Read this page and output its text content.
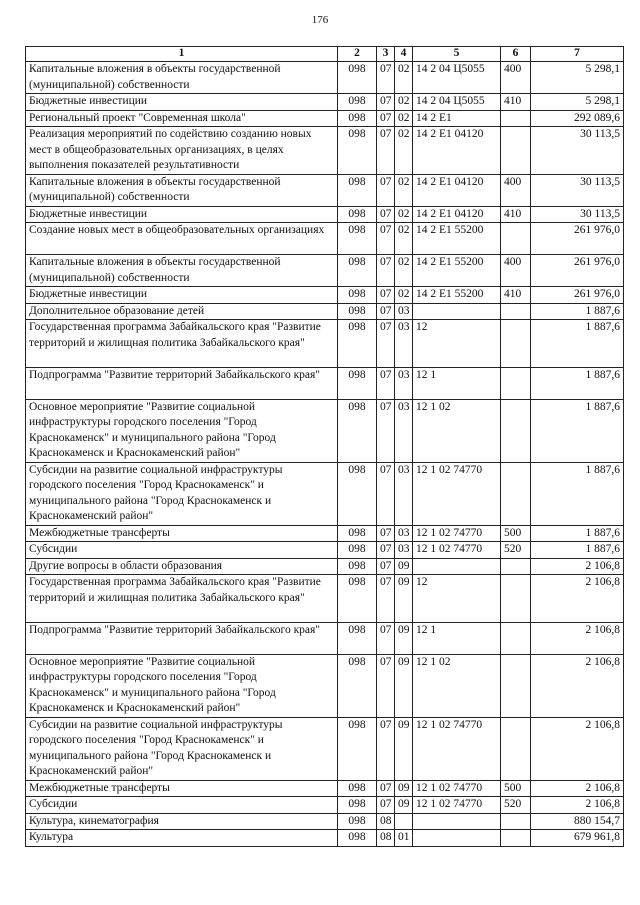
176
1	2	3	4	5	6	7
Капитальные вложения в объекты государственной (муниципальной) собственности	098	07	02	14 2 04 Ц5055	400	5 298,1
Бюджетные инвестиции	098	07	02	14 2 04 Ц5055	410	5 298,1
Региональный проект "Современная школа"	098	07	02	14 2 E1		292 089,6
Реализация мероприятий по содействию созданию новых мест в общеобразовательных организациях, в целях выполнения показателей результативности	098	07	02	14 2 E1 04120		30 113,5
Капитальные вложения в объекты государственной (муниципальной) собственности	098	07	02	14 2 E1 04120	400	30 113,5
Бюджетные инвестиции	098	07	02	14 2 E1 04120	410	30 113,5
Создание новых мест в общеобразовательных организациях	098	07	02	14 2 E1 55200		261 976,0
Капитальные вложения в объекты государственной (муниципальной) собственности	098	07	02	14 2 E1 55200	400	261 976,0
Бюджетные инвестиции	098	07	02	14 2 E1 55200	410	261 976,0
Дополнительное образование детей	098	07	03			1 887,6
Государственная программа Забайкальского края "Развитие территорий и жилищная политика Забайкальского края"	098	07	03	12		1 887,6
Подпрограмма "Развитие территорий Забайкальского края"	098	07	03	12 1		1 887,6
Основное мероприятие "Развитие социальной инфраструктуры городского поселения "Город Краснокаменск" и муниципального района "Город Краснокаменск и Краснокаменский район"	098	07	03	12 1 02		1 887,6
Субсидии на развитие социальной инфраструктуры городского поселения "Город Краснокаменск" и муниципального района "Город Краснокаменск и Краснокаменский район"	098	07	03	12 1 02 74770		1 887,6
Межбюджетные трансферты	098	07	03	12 1 02 74770	500	1 887,6
Субсидии	098	07	03	12 1 02 74770	520	1 887,6
Другие вопросы в области образования	098	07	09			2 106,8
Государственная программа Забайкальского края "Развитие территорий и жилищная политика Забайкальского края"	098	07	09	12		2 106,8
Подпрограмма "Развитие территорий Забайкальского края"	098	07	09	12 1		2 106,8
Основное мероприятие "Развитие социальной инфраструктуры городского поселения "Город Краснокаменск" и муниципального района "Город Краснокаменск и Краснокаменский район"	098	07	09	12 1 02		2 106,8
Субсидии на развитие социальной инфраструктуры городского поселения "Город Краснокаменск" и муниципального района "Город Краснокаменск и Краснокаменский район"	098	07	09	12 1 02 74770		2 106,8
Межбюджетные трансферты	098	07	09	12 1 02 74770	500	2 106,8
Субсидии	098	07	09	12 1 02 74770	520	2 106,8
Культура, кинематография	098	08				880 154,7
Культура	098	08	01			679 961,8
